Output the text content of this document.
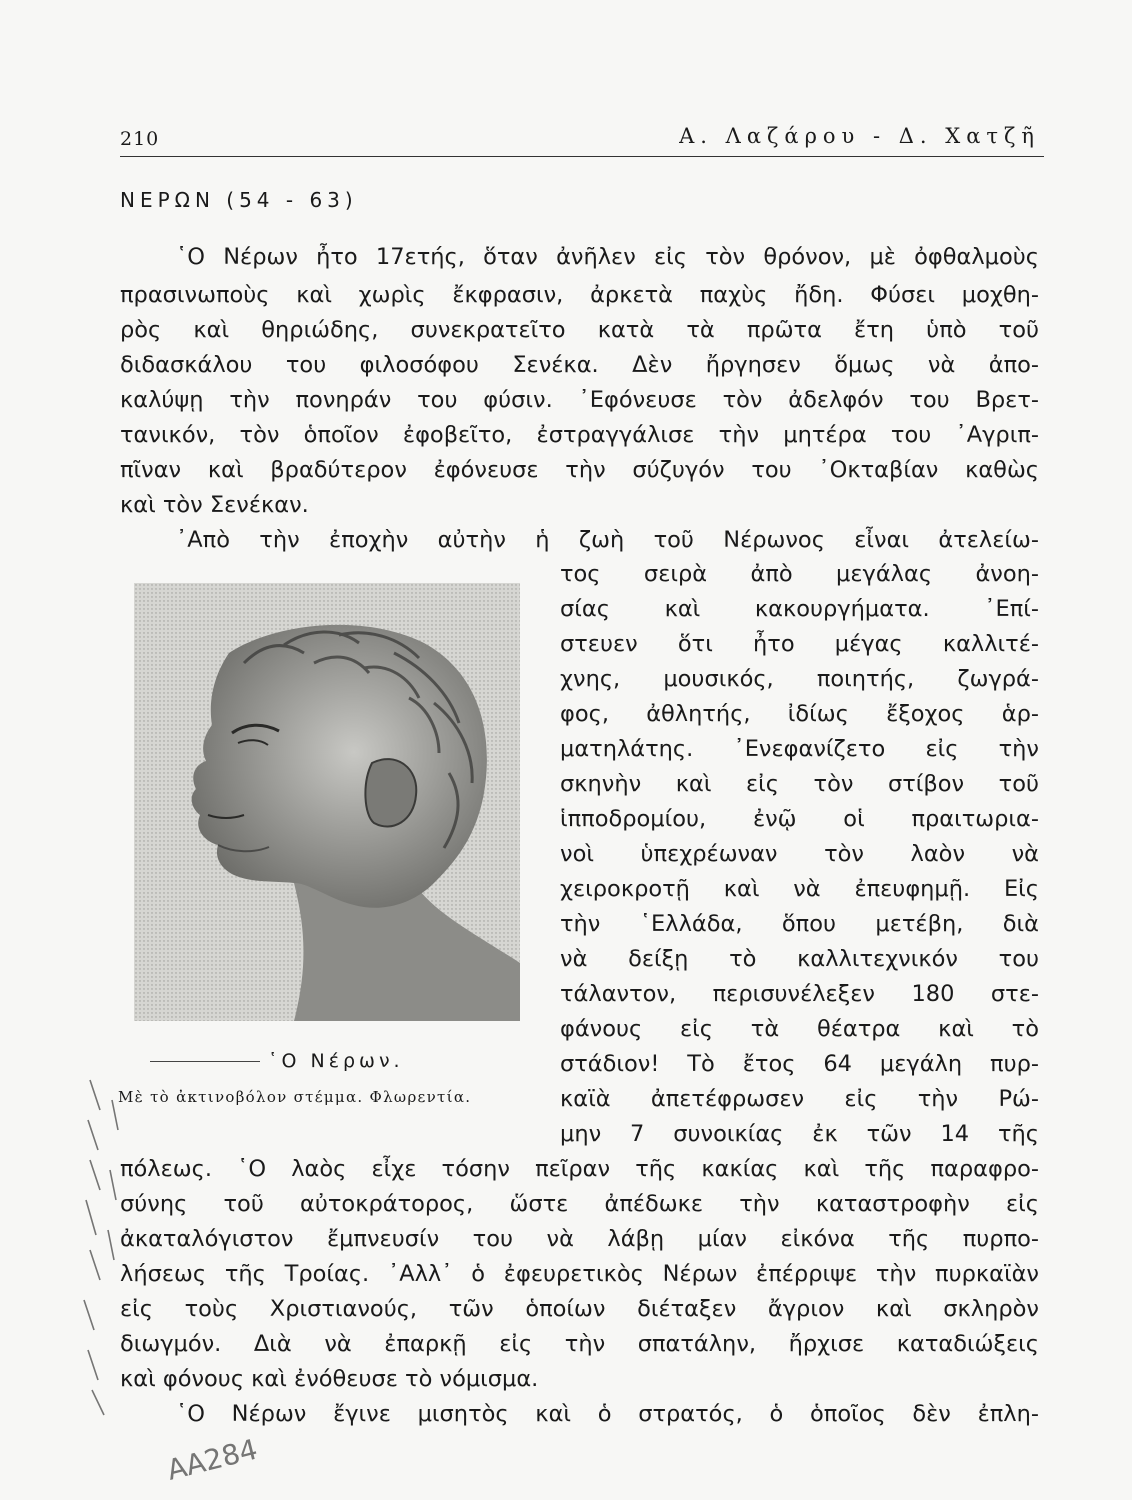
210	Α. Λαζάρου - Δ. Χατζῆ
ΝΕΡΩΝ (54 - 63)
῾Ο Νέρων ἦτο 17ετής, ὅταν ἀνῆλεν εἰς τὸν θρόνον, μὲ ὀφθαλμοὺς
πρασινωποὺς καὶ χωρὶς ἔκφρασιν, ἀρκετὰ παχὺς ἤδη. Φύσει μοχθη-
ρὸς καὶ θηριώδης, συνεκρατεῖτο κατὰ τὰ πρῶτα ἔτη ὑπὸ τοῦ
διδασκάλου του φιλοσόφου Σενέκα. Δὲν ἤργησεν ὅμως νὰ ἀπο-
καλύψῃ τὴν πονηράν του φύσιν. ᾿Εφόνευσε τὸν ἀδελφόν του Βρετ-
τανικόν, τὸν ὁποῖον ἐφοβεῖτο, ἐστραγγάλισε τὴν μητέρα του ᾿Αγριπ-
πῖναν καὶ βραδύτερον ἐφόνευσε τὴν σύζυγόν του ᾿Οκταβίαν καθὼς
καὶ τὸν Σενέκαν.
᾿Απὸ τὴν ἐποχὴν αὐτὴν ἡ ζωὴ τοῦ Νέρωνος εἶναι ἀτελείω-
τος σειρὰ ἀπὸ μεγάλας ἀνοη-
σίας καὶ κακουργήματα. ᾿Επί-
στευεν ὅτι ἦτο μέγας καλλιτέ-
χνης, μουσικός, ποιητής, ζωγρά-
φος, ἀθλητής, ἰδίως ἔξοχος ἁρ-
ματηλάτης. ᾿Ενεφανίζετο εἰς τὴν
σκηνὴν καὶ εἰς τὸν στίβον τοῦ
ἱπποδρομίου, ἐνῷ οἱ πραιτωρια-
νοὶ ὑπεχρέωναν τὸν λαὸν νὰ
χειροκροτῇ καὶ νὰ ἐπευφημῇ. Εἰς
τὴν ῾Ελλάδα, ὅπου μετέβη, διὰ
νὰ δείξῃ τὸ καλλιτεχνικόν του
τάλαντον, περισυνέλεξεν 180 στε-
φάνους εἰς τὰ θέατρα καὶ τὸ
στάδιον! Τὸ ἔτος 64 μεγάλη πυρ-
καϊὰ ἀπετέφρωσεν εἰς τὴν Ρώ-
μην 7 συνοικίας ἐκ τῶν 14 τῆς
πόλεως. ῾Ο λαὸς εἶχε τόσην πεῖραν τῆς κακίας καὶ τῆς παραφρο-
σύνης τοῦ αὐτοκράτορος, ὥστε ἀπέδωκε τὴν καταστροφὴν εἰς
ἀκαταλόγιστον ἔμπνευσίν του νὰ λάβῃ μίαν εἰκόνα τῆς πυρπο-
λήσεως τῆς Τροίας. ᾿Αλλ᾿ ὁ ἐφευρετικὸς Νέρων ἐπέρριψε τὴν πυρκαϊὰν
εἰς τοὺς Χριστιανούς, τῶν ὁποίων διέταξεν ἄγριον καὶ σκληρὸν
διωγμόν. Διὰ νὰ ἐπαρκῇ εἰς τὴν σπατάλην, ἤρχισε καταδιώξεις
καὶ φόνους καὶ ἐνόθευσε τὸ νόμισμα.
῾Ο Νέρων ἔγινε μισητὸς καὶ ὁ στρατός, ὁ ὁποῖος δὲν ἐπλη-
῾Ο Νέρων.
Μὲ τὸ ἀκτινοβόλον στέμμα. Φλωρεντία.
ΑΑ284
